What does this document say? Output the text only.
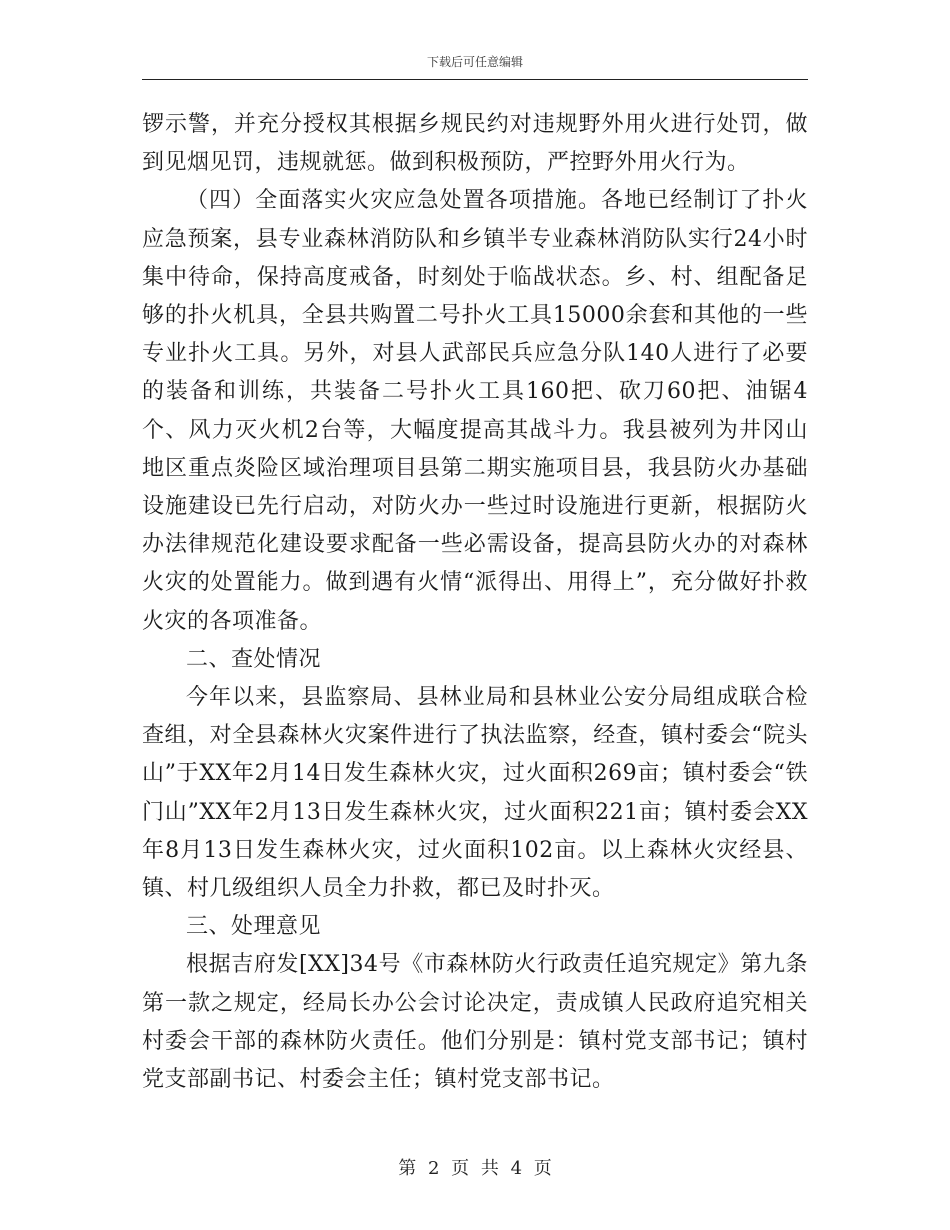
下载后可任意编辑

锣示警，并充分授权其根据乡规民约对违规野外用火进行处罚，做到见烟见罚，违规就惩。做到积极预防，严控野外用火行为。

（四）全面落实火灾应急处置各项措施。各地已经制订了扑火应急预案，县专业森林消防队和乡镇半专业森林消防队实行24小时集中待命，保持高度戒备，时刻处于临战状态。乡、村、组配备足够的扑火机具，全县共购置二号扑火工具15000余套和其他的一些专业扑火工具。另外，对县人武部民兵应急分队140人进行了必要的装备和训练，共装备二号扑火工具160把、砍刀60把、油锯4个、风力灭火机2台等，大幅度提高其战斗力。我县被列为井冈山地区重点炎险区域治理项目县第二期实施项目县，我县防火办基础设施建设已先行启动，对防火办一些过时设施进行更新，根据防火办法律规范化建设要求配备一些必需设备，提高县防火办的对森林火灾的处置能力。做到遇有火情“派得出、用得上”，充分做好扑救火灾的各项准备。

二、查处情况

今年以来，县监察局、县林业局和县林业公安分局组成联合检查组，对全县森林火灾案件进行了执法监察，经查，镇村委会“院头山”于XX年2月14日发生森林火灾，过火面积269亩；镇村委会“铁门山”XX年2月13日发生森林火灾，过火面积221亩；镇村委会XX年8月13日发生森林火灾，过火面积102亩。以上森林火灾经县、镇、村几级组织人员全力扑救，都已及时扑灭。

三、处理意见

根据吉府发[XX]34号《市森林防火行政责任追究规定》第九条第一款之规定，经局长办公会讨论决定，责成镇人民政府追究相关村委会干部的森林防火责任。他们分别是：镇村党支部书记；镇村党支部副书记、村委会主任；镇村党支部书记。

第 2 页 共 4 页
